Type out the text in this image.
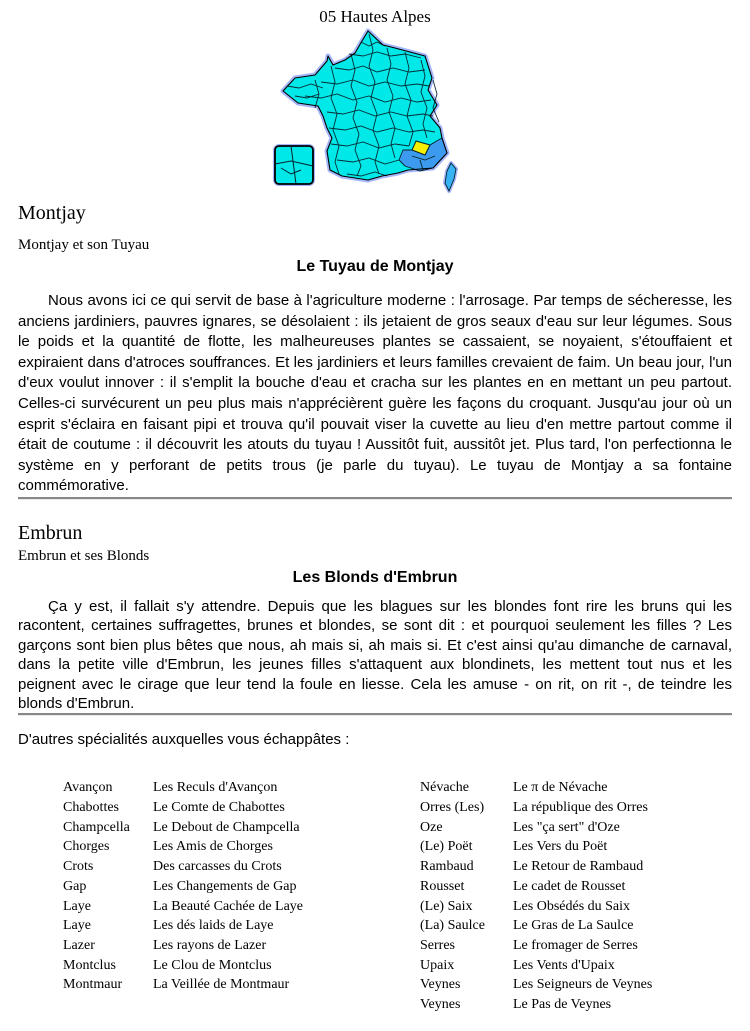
05 Hautes Alpes
Montjay

Montjay et son Tuyau

Le Tuyau de Montjay

Nous avons ici ce qui servit de base à l'agriculture moderne : l'arrosage. Par temps de sécheresse, les anciens jardiniers, pauvres ignares, se désolaient : ils jetaient de gros seaux d'eau sur leur légumes. Sous le poids et la quantité de flotte, les malheureuses plantes se cassaient, se noyaient, s'étouffaient et expiraient dans d'atroces souffrances. Et les jardiniers et leurs familles crevaient de faim. Un beau jour, l'un d'eux voulut innover : il s'emplit la bouche d'eau et cracha sur les plantes en en mettant un peu partout. Celles-ci survécurent un peu plus mais n'apprécièrent guère les façons du croquant. Jusqu'au jour où un esprit s'éclaira en faisant pipi et trouva qu'il pouvait viser la cuvette au lieu d'en mettre partout comme il était de coutume : il découvrit les atouts du tuyau ! Aussitôt fuit, aussitôt jet. Plus tard, l'on perfectionna le système en y perforant de petits trous (je parle du tuyau). Le tuyau de Montjay a sa fontaine commémorative.

Embrun

Embrun et ses Blonds

Les Blonds d'Embrun

Ça y est, il fallait s'y attendre. Depuis que les blagues sur les blondes font rire les bruns qui les racontent, certaines suffragettes, brunes et blondes, se sont dit : et pourquoi seulement les filles ? Les garçons sont bien plus bêtes que nous, ah mais si, ah mais si. Et c'est ainsi qu'au dimanche de carnaval, dans la petite ville d'Embrun, les jeunes filles s'attaquent aux blondinets, les mettent tout nus et les peignent avec le cirage que leur tend la foule en liesse. Cela les amuse - on rit, on rit -, de teindre les blonds d'Embrun.

D'autres spécialités auxquelles vous échappâtes :

Avançon	Les Reculs d'Avançon
Chabottes	Le Comte de Chabottes
Champcella	Le Debout de Champcella
Chorges	Les Amis de Chorges
Crots	Des carcasses du Crots
Gap	Les Changements de Gap
Laye	La Beauté Cachée de Laye
Laye	Les dés laids de Laye
Lazer	Les rayons de Lazer
Montclus	Le Clou de Montclus
Montmaur	La Veillée de Montmaur
Névache	Le π de Névache
Orres (Les)	La république des Orres
Oze	Les "ça sert" d'Oze
(Le) Poët	Les Vers du Poët
Rambaud	Le Retour de Rambaud
Rousset	Le cadet de Rousset
(Le) Saix	Les Obsédés du Saix
(La) Saulce	Le Gras de La Saulce
Serres	Le fromager de Serres
Upaix	Les Vents d'Upaix
Veynes	Les Seigneurs de Veynes
Veynes	Le Pas de Veynes
